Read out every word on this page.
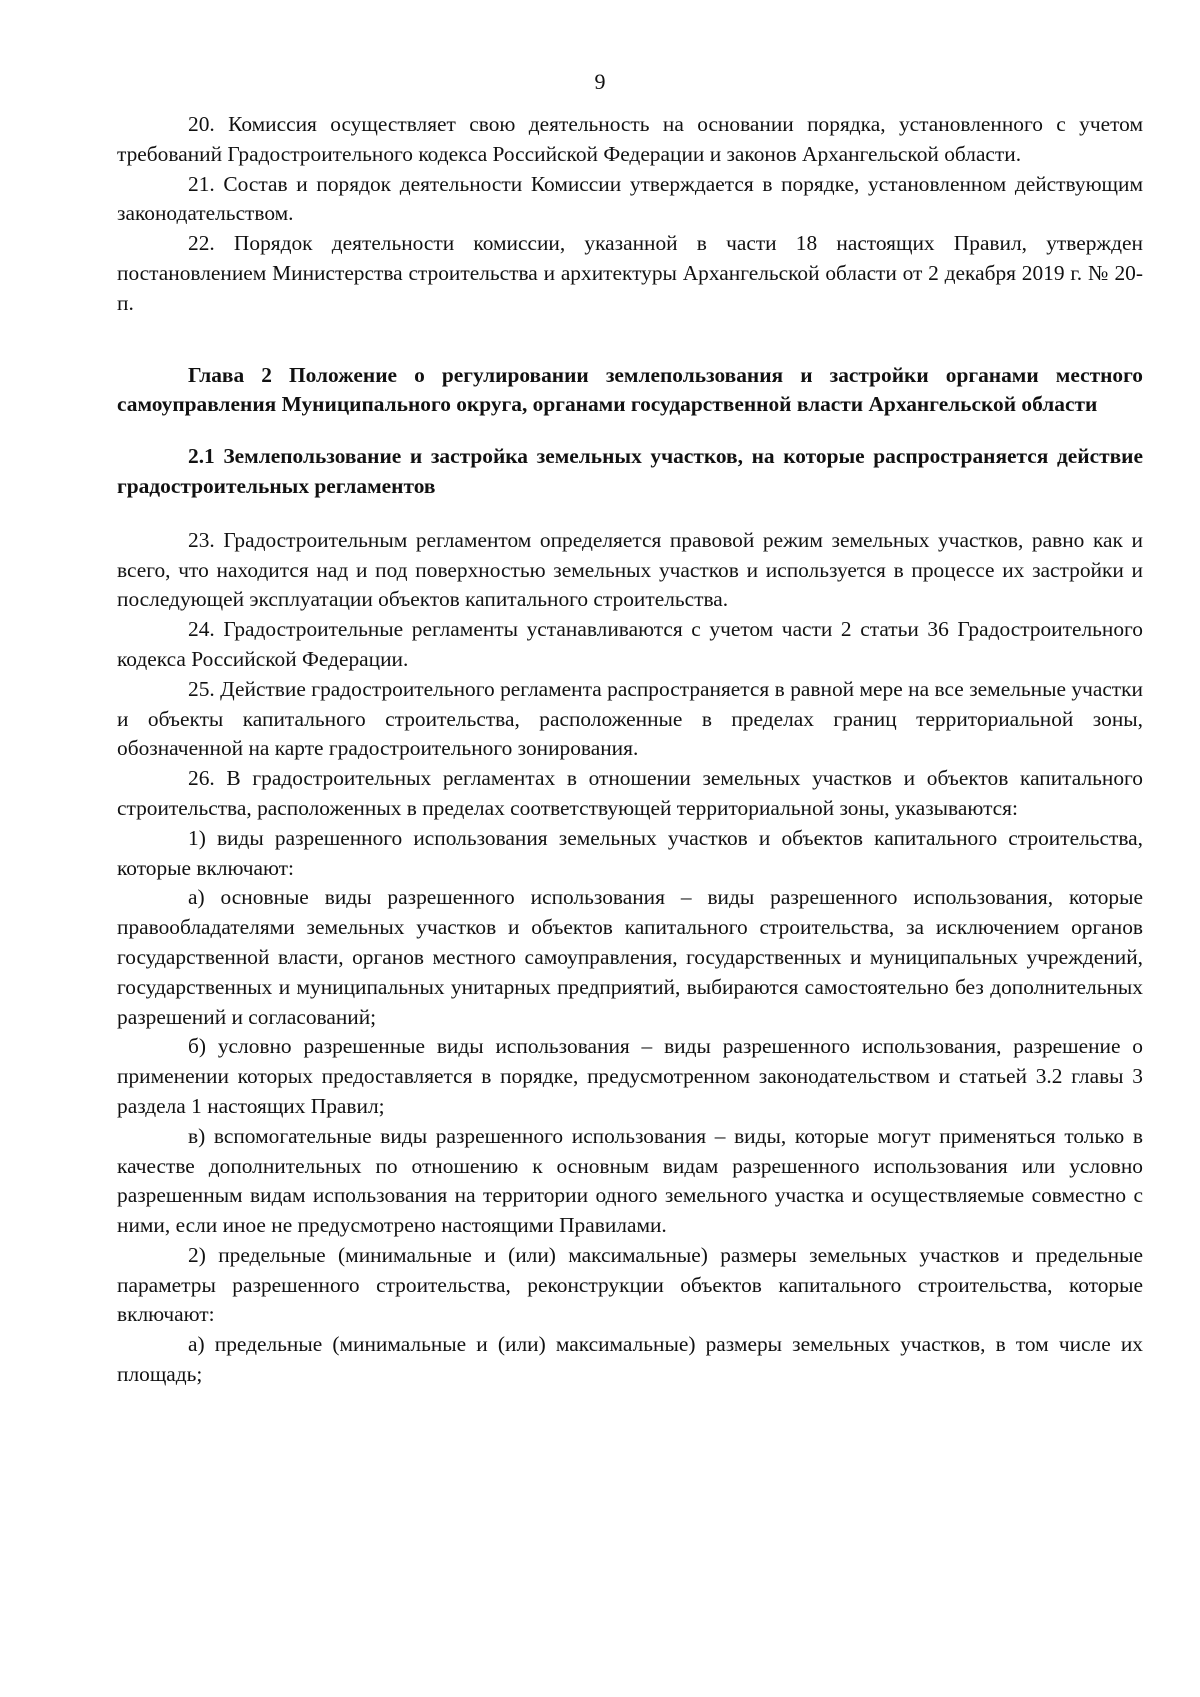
9

20. Комиссия осуществляет свою деятельность на основании порядка, установленного с учетом требований Градостроительного кодекса Российской Федерации и законов Архангельской области.

21. Состав и порядок деятельности Комиссии утверждается в порядке, установленном действующим законодательством.

22. Порядок деятельности комиссии, указанной в части 18 настоящих Правил, утвержден постановлением Министерства строительства и архитектуры Архангельской области от 2 декабря 2019 г. № 20-п.

Глава 2 Положение о регулировании землепользования и застройки органами местного самоуправления Муниципального округа, органами государственной власти Архангельской области
2.1 Землепользование и застройка земельных участков, на которые распространяется действие градостроительных регламентов

23. Градостроительным регламентом определяется правовой режим земельных участков, равно как и всего, что находится над и под поверхностью земельных участков и используется в процессе их застройки и последующей эксплуатации объектов капитального строительства.

24. Градостроительные регламенты устанавливаются с учетом части 2 статьи 36 Градостроительного кодекса Российской Федерации.

25. Действие градостроительного регламента распространяется в равной мере на все земельные участки и объекты капитального строительства, расположенные в пределах границ территориальной зоны, обозначенной на карте градостроительного зонирования.

26. В градостроительных регламентах в отношении земельных участков и объектов капитального строительства, расположенных в пределах соответствующей территориальной зоны, указываются:

1) виды разрешенного использования земельных участков и объектов капитального строительства, которые включают:

а) основные виды разрешенного использования – виды разрешенного использования, которые правообладателями земельных участков и объектов капитального строительства, за исключением органов государственной власти, органов местного самоуправления, государственных и муниципальных учреждений, государственных и муниципальных унитарных предприятий, выбираются самостоятельно без дополнительных разрешений и согласований;

б) условно разрешенные виды использования – виды разрешенного использования, разрешение о применении которых предоставляется в порядке, предусмотренном законодательством и статьей 3.2 главы 3 раздела 1 настоящих Правил;

в) вспомогательные виды разрешенного использования – виды, которые могут применяться только в качестве дополнительных по отношению к основным видам разрешенного использования или условно разрешенным видам использования на территории одного земельного участка и осуществляемые совместно с ними, если иное не предусмотрено настоящими Правилами.

2) предельные (минимальные и (или) максимальные) размеры земельных участков и предельные параметры разрешенного строительства, реконструкции объектов капитального строительства, которые включают:

а) предельные (минимальные и (или) максимальные) размеры земельных участков, в том числе их площадь;
